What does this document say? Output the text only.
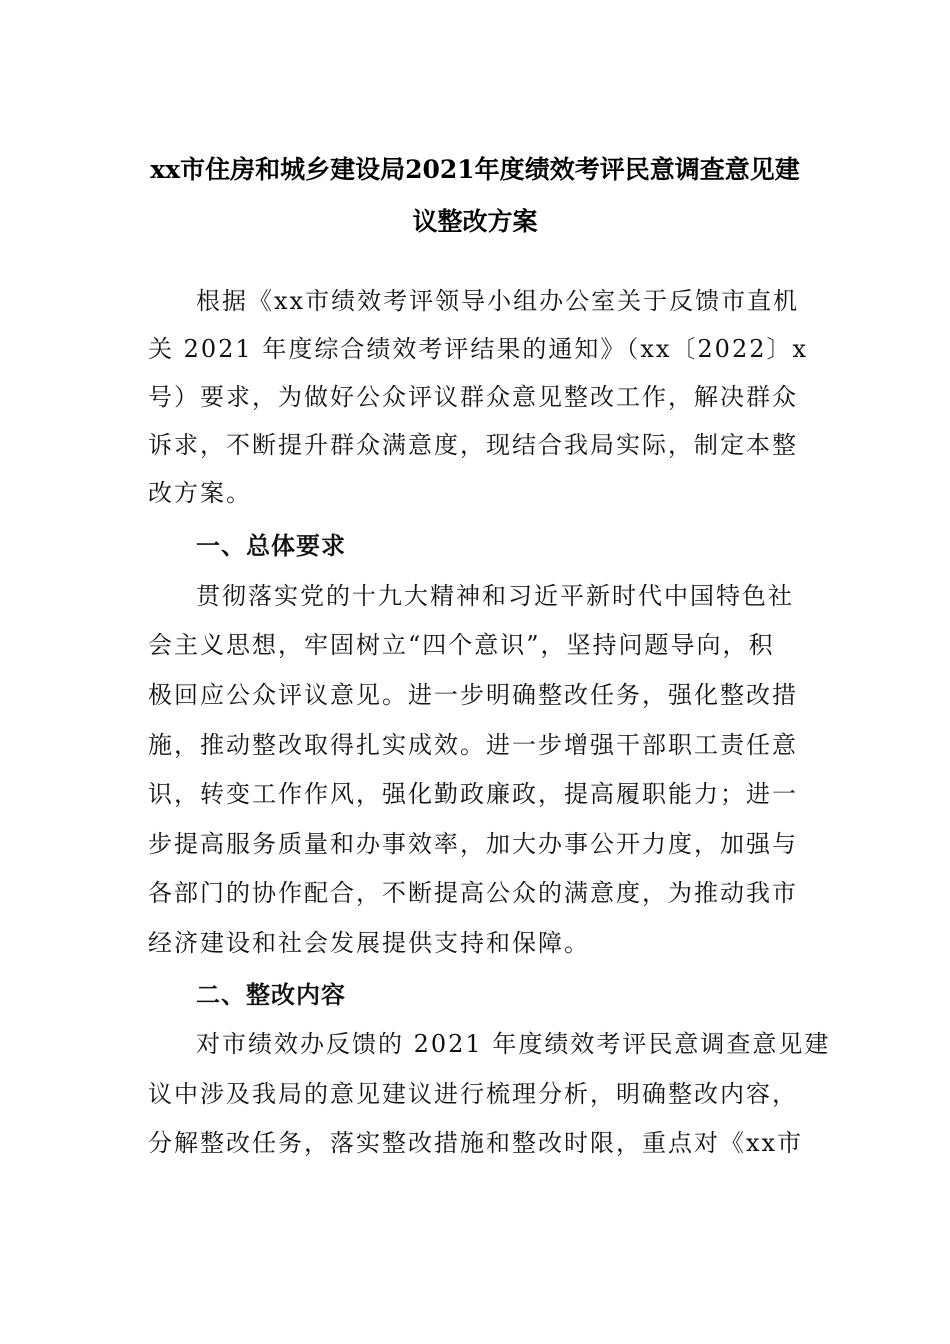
xx市住房和城乡建设局2021年度绩效考评民意调查意见建
议整改方案
根据《xx市绩效考评领导小组办公室关于反馈市直机
关 2021 年度综合绩效考评结果的通知》（xx〔2022〕x
号）要求，为做好公众评议群众意见整改工作，解决群众
诉求，不断提升群众满意度，现结合我局实际，制定本整
改方案。
一、总体要求
贯彻落实党的十九大精神和习近平新时代中国特色社
会主义思想，牢固树立“四个意识”，坚持问题导向，积
极回应公众评议意见。进一步明确整改任务，强化整改措
施，推动整改取得扎实成效。进一步增强干部职工责任意
识，转变工作作风，强化勤政廉政，提高履职能力；进一
步提高服务质量和办事效率，加大办事公开力度，加强与
各部门的协作配合，不断提高公众的满意度，为推动我市
经济建设和社会发展提供支持和保障。
二、整改内容
对市绩效办反馈的 2021 年度绩效考评民意调查意见建
议中涉及我局的意见建议进行梳理分析，明确整改内容，
分解整改任务，落实整改措施和整改时限，重点对《xx市
